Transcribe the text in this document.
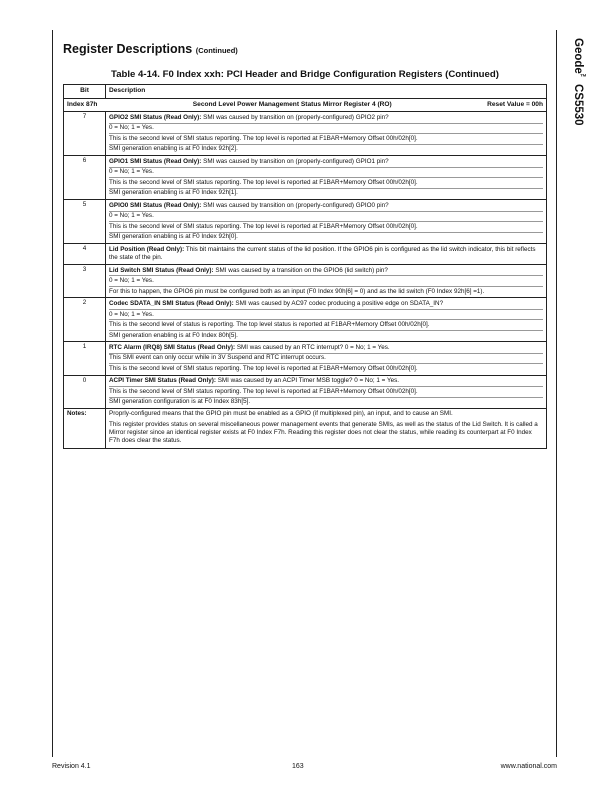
Geode™ CS5530
Register Descriptions (Continued)
Table 4-14. F0 Index xxh: PCI Header and Bridge Configuration Registers (Continued)
Bit	Description

Index 87h Second Level Power Management Status Mirror Register 4 (RO) Reset Value = 00h	

7	GPIO2 SMI Status (Read Only): SMI was caused by transition on (properly-configured) GPIO2 pin?

0 = No; 1 = Yes.

This is the second level of SMI status reporting. The top level is reported at F1BAR+Memory Offset 00h/02h[0].

SMI generation enabling is at F0 Index 92h[2].

6	GPIO1 SMI Status (Read Only): SMI was caused by transition on (properly-configured) GPIO1 pin?

0 = No; 1 = Yes.

This is the second level of SMI status reporting. The top level is reported at F1BAR+Memory Offset 00h/02h[0].

SMI generation enabling is at F0 Index 92h[1].

5	GPIO0 SMI Status (Read Only): SMI was caused by transition on (properly-configured) GPIO0 pin?

0 = No; 1 = Yes.

This is the second level of SMI status reporting. The top level is reported at F1BAR+Memory Offset 00h/02h[0].

SMI generation enabling is at F0 Index 92h[0].

4	Lid Position (Read Only): This bit maintains the current status of the lid position. If the GPIO6 pin is configured as the lid switch indicator, this bit reflects the state of the pin.

3	Lid Switch SMI Status (Read Only): SMI was caused by a transition on the GPIO6 (lid switch) pin?

0 = No; 1 = Yes.

For this to happen, the GPIO6 pin must be configured both as an input (F0 Index 90h[6] = 0) and as the lid switch (F0 Index 92h[6] =1).

2	Codec SDATA_IN SMI Status (Read Only): SMI was caused by AC97 codec producing a positive edge on SDATA_IN?

0 = No; 1 = Yes.

This is the second level of status is reporting. The top level status is reported at F1BAR+Memory Offset 00h/02h[0].

SMI generation enabling is at F0 Index 80h[5].

1	RTC Alarm (IRQ8) SMI Status (Read Only): SMI was caused by an RTC interrupt? 0 = No; 1 = Yes.

This SMI event can only occur while in 3V Suspend and RTC interrupt occurs.

This is the second level of SMI status reporting. The top level is reported at F1BAR+Memory Offset 00h/02h[0].

0	ACPI Timer SMI Status (Read Only): SMI was caused by an ACPI Timer MSB toggle? 0 = No; 1 = Yes.

This is the second level of SMI status reporting. The top level is reported at F1BAR+Memory Offset 00h/02h[0].

SMI generation configuration is at F0 Index 83h[5].

Notes:	Proprly-configured means that the GPIO pin must be enabled as a GPIO (if multiplexed pin), an input, and to cause an SMI.

This register provides status on several miscellaneous power management events that generate SMIs, as well as the status of the Lid Switch. It is called a Mirror register since an identical register exists at F0 Index F7h. Reading this register does not clear the status, while reading its counterpart at F0 Index F7h does clear the status.

Revision 4.1	163	www.national.com
